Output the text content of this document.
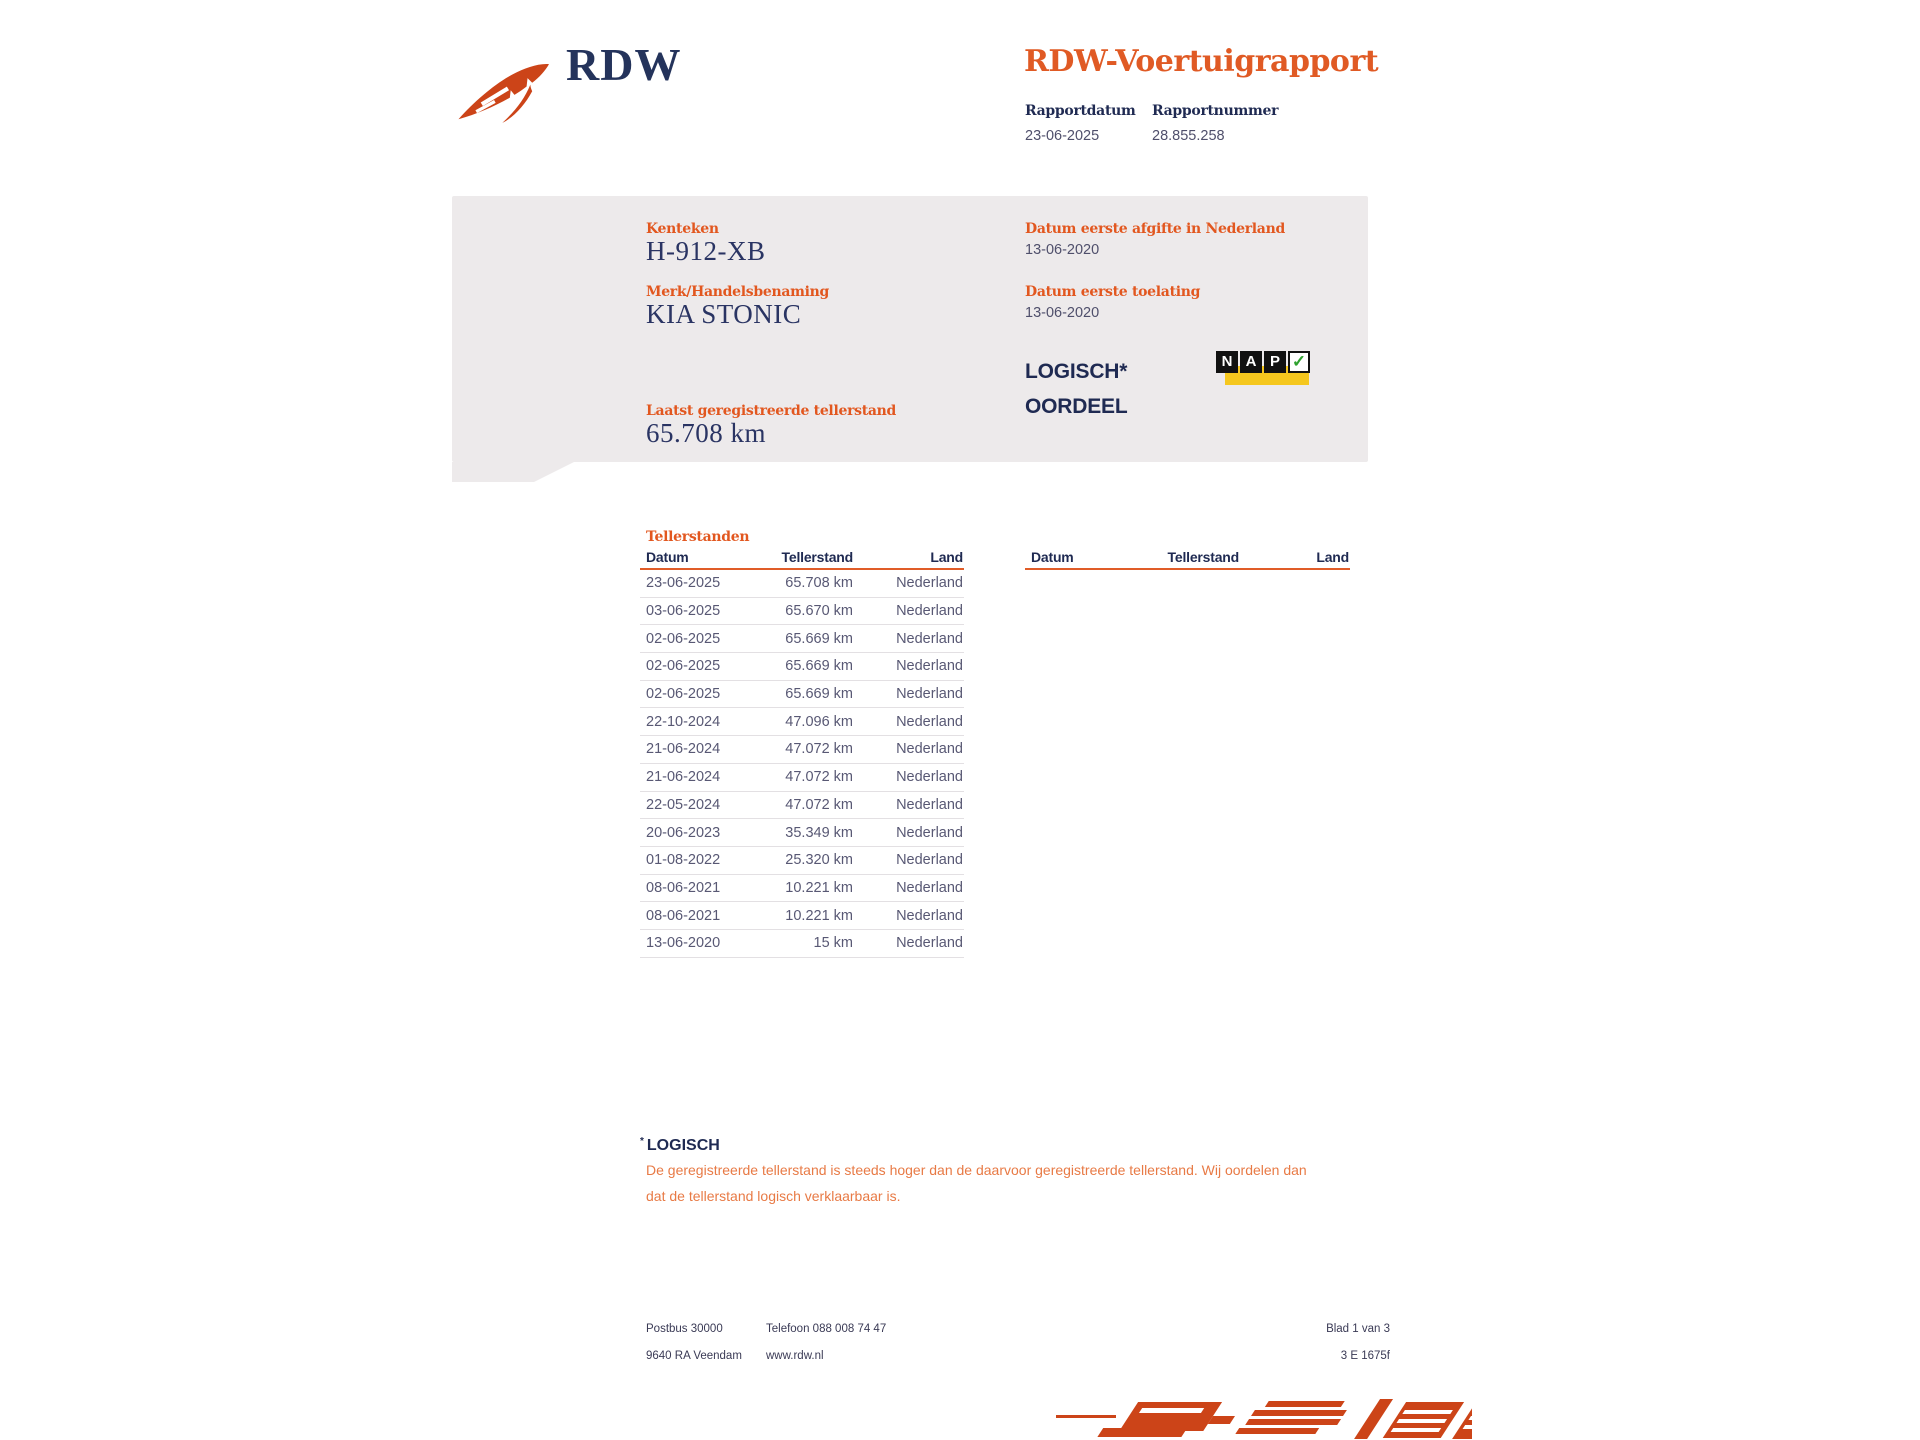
RDW	RDW-Voertuigrapport
Rapportdatum Rapportnummer
23-06-2025	28.855.258
Kenteken
H-912-XB
Merk/Handelsbenaming
KIA STONIC
Laatst geregistreerde tellerstand
65.708 km
Datum eerste afgifte in Nederland
13-06-2020
Datum eerste toelating
13-06-2020
LOGISCH*
OORDEEL
N A P ✓
Tellerstanden
Datum	Tellerstand	Land
23-06-2025	65.708 km	Nederland
03-06-2025	65.670 km	Nederland
02-06-2025	65.669 km	Nederland
02-06-2025	65.669 km	Nederland
02-06-2025	65.669 km	Nederland
22-10-2024	47.096 km	Nederland
21-06-2024	47.072 km	Nederland
21-06-2024	47.072 km	Nederland
22-05-2024	47.072 km	Nederland
20-06-2023	35.349 km	Nederland
01-08-2022	25.320 km	Nederland
08-06-2021	10.221 km	Nederland
08-06-2021	10.221 km	Nederland
13-06-2020	15 km	Nederland
Datum	Tellerstand	Land
* LOGISCH
De geregistreerde tellerstand is steeds hoger dan de daarvoor geregistreerde tellerstand. Wij oordelen dan
dat de tellerstand logisch verklaarbaar is.
Postbus 30000
9640 RA Veendam
Telefoon 088 008 74 47
www.rdw.nl
Blad 1 van 3
3 E 1675f
